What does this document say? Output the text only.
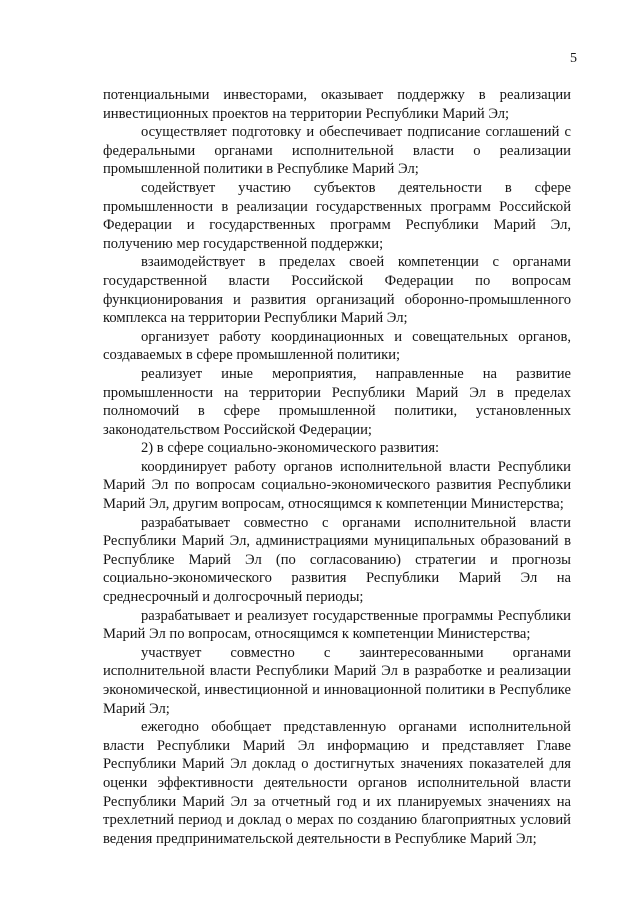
5

потенциальными инвесторами, оказывает поддержку в реализации инвестиционных проектов на территории Республики Марий Эл;

осуществляет подготовку и обеспечивает подписание соглашений с федеральными органами исполнительной власти о реализации промышленной политики в Республике Марий Эл;

содействует участию субъектов деятельности в сфере промышленности в реализации государственных программ Российской Федерации и государственных программ Республики Марий Эл, получению мер государственной поддержки;

взаимодействует в пределах своей компетенции с органами государственной власти Российской Федерации по вопросам функционирования и развития организаций оборонно-промышленного комплекса на территории Республики Марий Эл;

организует работу координационных и совещательных органов, создаваемых в сфере промышленной политики;

реализует иные мероприятия, направленные на развитие промышленности на территории Республики Марий Эл в пределах полномочий в сфере промышленной политики, установленных законодательством Российской Федерации;

2) в сфере социально-экономического развития:

координирует работу органов исполнительной власти Республики Марий Эл по вопросам социально-экономического развития Республики Марий Эл, другим вопросам, относящимся к компетенции Министерства;

разрабатывает совместно с органами исполнительной власти Республики Марий Эл, администрациями муниципальных образований в Республике Марий Эл (по согласованию) стратегии и прогнозы социально-экономического развития Республики Марий Эл на среднесрочный и долгосрочный периоды;

разрабатывает и реализует государственные программы Республики Марий Эл по вопросам, относящимся к компетенции Министерства;

участвует совместно с заинтересованными органами исполнительной власти Республики Марий Эл в разработке и реализации экономической, инвестиционной и инновационной политики в Республике Марий Эл;

ежегодно обобщает представленную органами исполнительной власти Республики Марий Эл информацию и представляет Главе Республики Марий Эл доклад о достигнутых значениях показателей для оценки эффективности деятельности органов исполнительной власти Республики Марий Эл за отчетный год и их планируемых значениях на трехлетний период и доклад о мерах по созданию благоприятных условий ведения предпринимательской деятельности в Республике Марий Эл;
